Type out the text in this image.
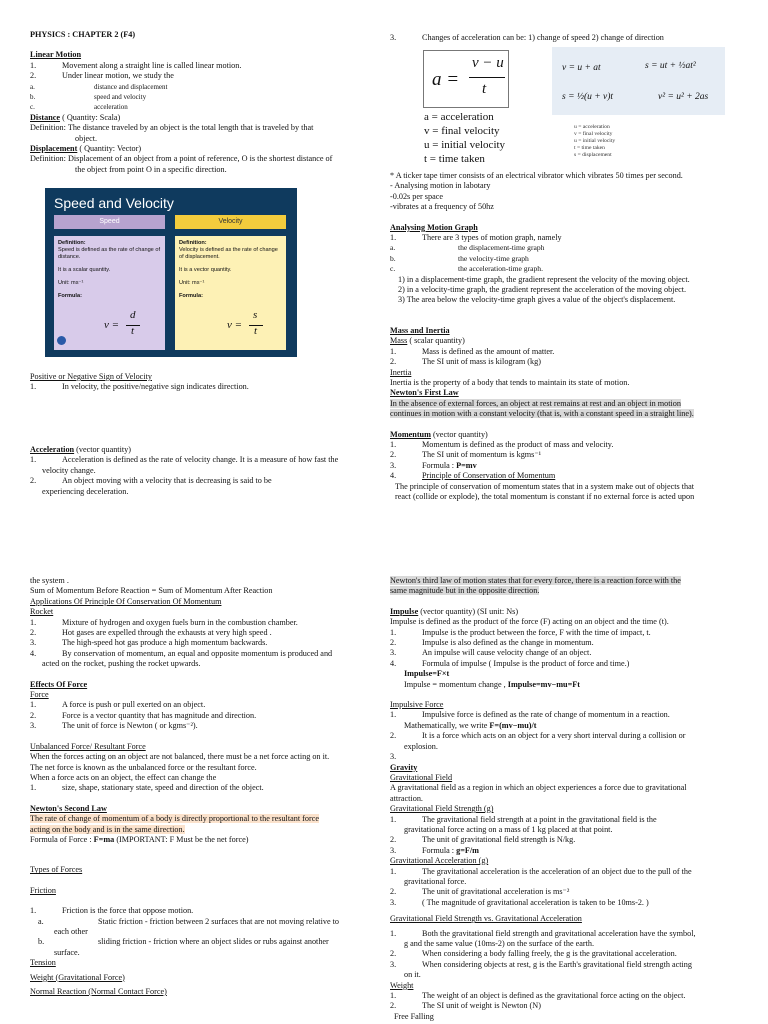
PHYSICS : CHAPTER 2 (F4)

Linear Motion

1.	Movement along a straight line is called linear motion.

2.	Under linear motion, we study the

a.	distance and displacement

b.	speed and velocity

c.	acceleration

Distance ( Quantity: Scala)

Definition: The distance traveled by an object is the total length that is traveled by that

object.

Displacement ( Quantity: Vector)

Definition: Displacement of an object from a point of reference, O is the shortest distance of

the object from point O in a specific direction.

Speed and Velocity
Speed	Velocity
Definition:
Speed is defined as the rate of change of distance.
It is a scalar quantity.
Unit: ms⁻¹
Formula:
v =
d
t
Definition:
Velocity is defined as the rate of change of displacement.
It is a vector quantity.
Unit: ms⁻¹
Formula:
v =
s
t

Positive or Negative Sign of Velocity

1.	In velocity, the positive/negative sign indicates direction.

Acceleration (vector quantity)

1.	Acceleration is defined as the rate of velocity change. It is a measure of how fast the

velocity change.

2.	An object moving with a velocity that is decreasing is said to be

experiencing deceleration.

3.	Changes of acceleration can be: 1) change of speed 2) change of direction

a =
v − u
t

a = acceleration

v = final velocity

u = initial velocity

t = time taken

v = u + at	s = ut + ½at²
s = ½(u + v)t	v² = u² + 2as

u = acceleration

v = final velocity

u = initial velocity

t = time taken

s = displacement

* A ticker tape timer consists of an electrical vibrator which vibrates 50 times per second.

- Analysing motion in labotary

-0.02s per space

-vibrates at a frequency of 50hz

Analysing Motion Graph

1.	There are 3 types of motion graph, namely

a.	the displacement-time graph

b.	the velocity-time graph

c.	the acceleration-time graph.

1) in a displacement-time graph, the gradient represent the velocity of the moving object.

2) in a velocity-time graph, the gradient represent the acceleration of the moving object.

3) The area below the velocity-time graph gives a value of the object's displacement.

Mass and Inertia

Mass ( scalar quantity)

1.	Mass is defined as the amount of matter.

2.	The SI unit of mass is kilogram (kg)

Inertia

Inertia is the property of a body that tends to maintain its state of motion.

Newton's First Law

In the absence of external forces, an object at rest remains at rest and an object in motion

continues in motion with a constant velocity (that is, with a constant speed in a straight line).

Momentum (vector quantity)

1.	Momentum is defined as the product of mass and velocity.

2.	The SI unit of momentum is kgms⁻¹

3.	Formula : P=mv

4.	Principle of Conservation of Momentum

The principle of conservation of momentum states that in a system make out of objects that

react (collide or explode), the total momentum is constant if no external force is acted upon

the system .

Sum of Momentum Before Reaction = Sum of Momentum After Reaction

Applications Of Principle Of Conservation Of Momentum

Rocket

1.	Mixture of hydrogen and oxygen fuels burn in the combustion chamber.

2.	Hot gases are expelled through the exhausts at very high speed .

3.	The high-speed hot gas produce a high momentum backwards.

4.	By conservation of momentum, an equal and opposite momentum is produced and

acted on the rocket, pushing the rocket upwards.

Effects Of Force

Force

1.	A force is push or pull exerted on an object.

2.	Force is a vector quantity that has magnitude and direction.

3.	The unit of force is Newton ( or kgms⁻²).

Unbalanced Force/ Resultant Force

When the forces acting on an object are not balanced, there must be a net force acting on it.

The net force is known as the unbalanced force or the resultant force.

When a force acts on an object, the effect can change the

1.	size, shape, stationary state, speed and direction of the object.

Newton's Second Law

The rate of change of momentum of a body is directly proportional to the resultant force

acting on the body and is in the same direction.

Formula of Force : F=ma (IMPORTANT: F Must be the net force)

Types of Forces

Friction

1.	Friction is the force that oppose motion.

a.	Static friction - friction between 2 surfaces that are not moving relative to

each other

b.	sliding friction - friction where an object slides or rubs against another

surface.

Tension

Weight (Gravitational Force)

Normal Reaction (Normal Contact Force)

Newton's third law of motion states that for every force, there is a reaction force with the

same magnitude but in the opposite direction.

Impulse (vector quantity) (SI unit: Ns)

Impulse is defined as the product of the force (F) acting on an object and the time (t).

1.	Impulse is the product between the force, F with the time of impact, t.

2.	Impulse is also defined as the change in momentum.

3.	An impulse will cause velocity change of an object.

4.	Formula of impulse ( Impulse is the product of force and time.)

Impulse=F×t

Impulse = momentum change , Impulse=mv−mu=Ft

Impulsive Force

1.	Impulsive force is defined as the rate of change of momentum in a reaction.

Mathematically, we write F=(mv−mu)/t

2.	It is a force which acts on an object for a very short interval during a collision or

explosion.

3.

Gravity

Gravitational Field

A gravitational field as a region in which an object experiences a force due to gravitational

attraction.

Gravitational Field Strength (g)

1.	The gravitational field strength at a point in the gravitational field is the

gravitational force acting on a mass of 1 kg placed at that point.

2.	The unit of gravitational field strength is N/kg.

3.	Formula : g=F/m

Gravitational Acceleration (g)

1.	The gravitational acceleration is the acceleration of an object due to the pull of the

gravitational force.

2.	The unit of gravitational acceleration is ms⁻²

3.	( The magnitude of gravitational acceleration is taken to be 10ms-2. )

Gravitational Field Strength vs. Gravitational Acceleration

1.	Both the gravitational field strength and gravitational acceleration have the symbol,

g and the same value (10ms-2) on the surface of the earth.

2.	When considering a body falling freely, the g is the gravitational acceleration.

3.	When considering objects at rest, g is the Earth's gravitational field strength acting

on it.

Weight

1.	The weight of an object is defined as the gravitational force acting on the object.

2.	The SI unit of weight is Newton (N)

Free Falling
